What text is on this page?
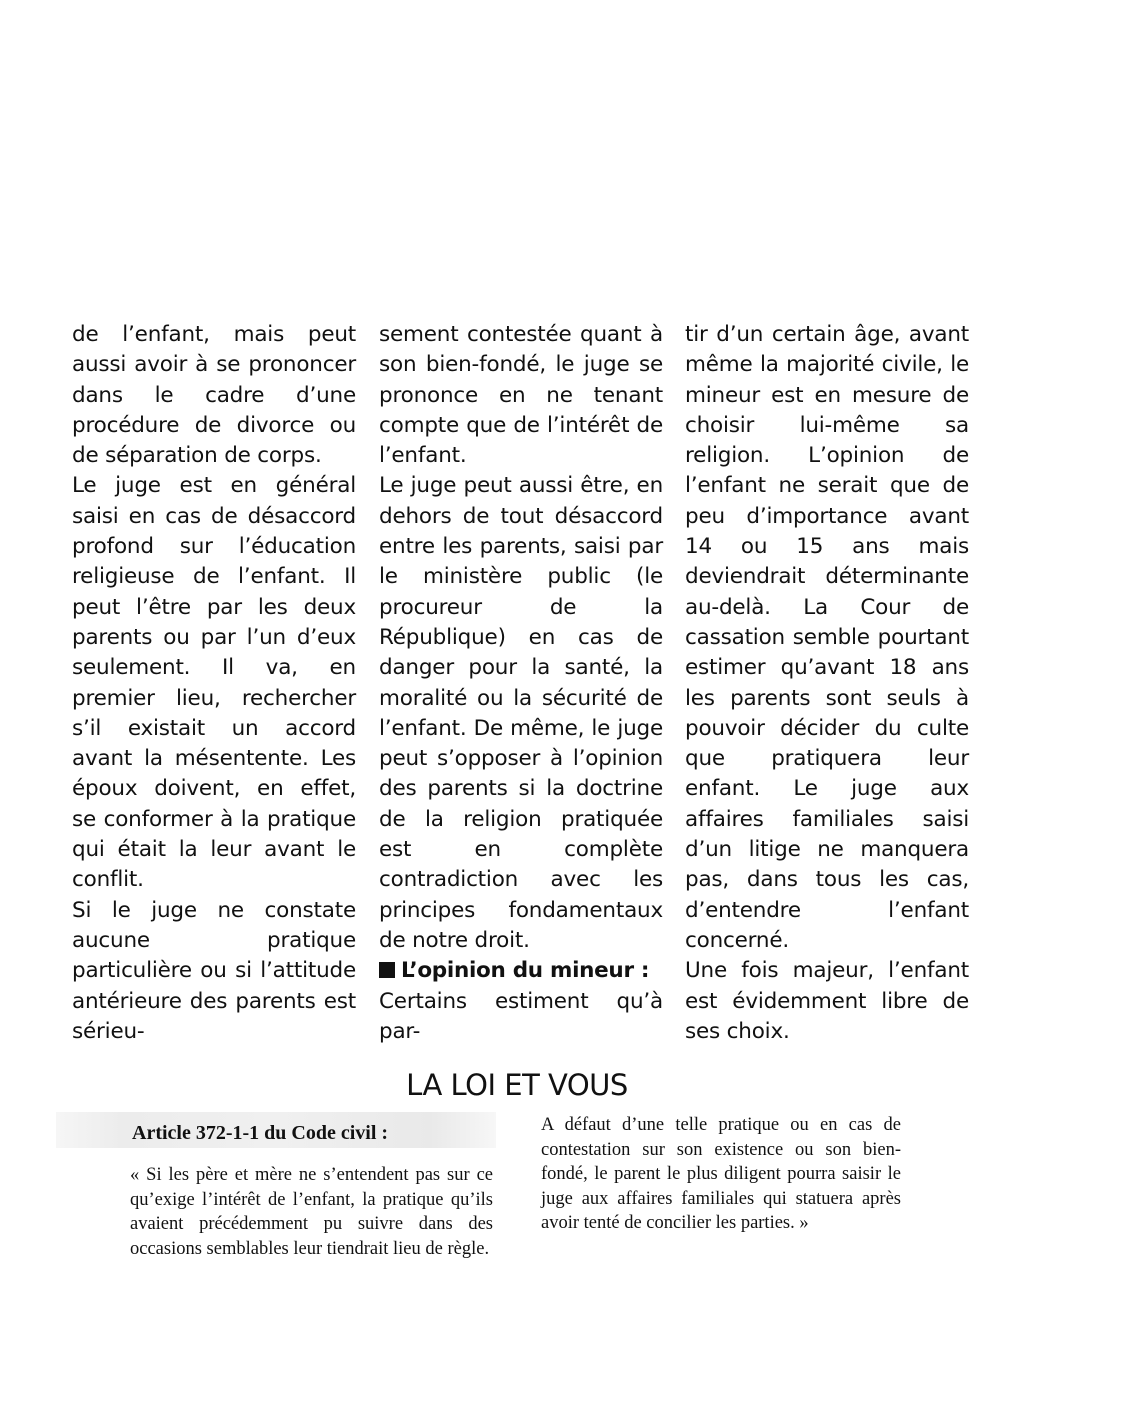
de l’enfant, mais peut aussi avoir à se prononcer dans le cadre d’une procédure de divorce ou de séparation de corps.

Le juge est en général saisi en cas de désaccord profond sur l’éducation religieuse de l’enfant. Il peut l’être par les deux parents ou par l’un d’eux seulement. Il va, en premier lieu, rechercher s’il existait un accord avant la mésentente. Les époux doivent, en effet, se conformer à la pratique qui était la leur avant le conflit.

Si le juge ne constate aucune pratique particulière ou si l’attitude antérieure des parents est sérieu-

sement contestée quant à son bien-fondé, le juge se prononce en ne tenant compte que de l’intérêt de l’enfant.

Le juge peut aussi être, en dehors de tout désaccord entre les parents, saisi par le ministère public (le procureur de la République) en cas de danger pour la santé, la moralité ou la sécurité de l’enfant. De même, le juge peut s’opposer à l’opinion des parents si la doctrine de la religion pratiquée est en complète contradiction avec les principes fondamentaux de notre droit.

L’opinion du mineur :

Certains estiment qu’à par-

tir d’un certain âge, avant même la majorité civile, le mineur est en mesure de choisir lui-même sa religion. L’opinion de l’enfant ne serait que de peu d’importance avant 14 ou 15 ans mais deviendrait déterminante au-delà. La Cour de cassation semble pourtant estimer qu’avant 18 ans les parents sont seuls à pouvoir décider du culte que pratiquera leur enfant. Le juge aux affaires familiales saisi d’un litige ne manquera pas, dans tous les cas, d’entendre l’enfant concerné.

Une fois majeur, l’enfant est évidemment libre de ses choix.

LA LOI ET VOUS
Article 372-1-1 du Code civil :
« Si les père et mère ne s’entendent pas sur ce qu’exige l’intérêt de l’enfant, la pratique qu’ils avaient précédemment pu suivre dans des occasions semblables leur tiendrait lieu de règle.
A défaut d’une telle pratique ou en cas de contestation sur son existence ou son bien-fondé, le parent le plus diligent pourra saisir le juge aux affaires familiales qui statuera après avoir tenté de concilier les parties. »
